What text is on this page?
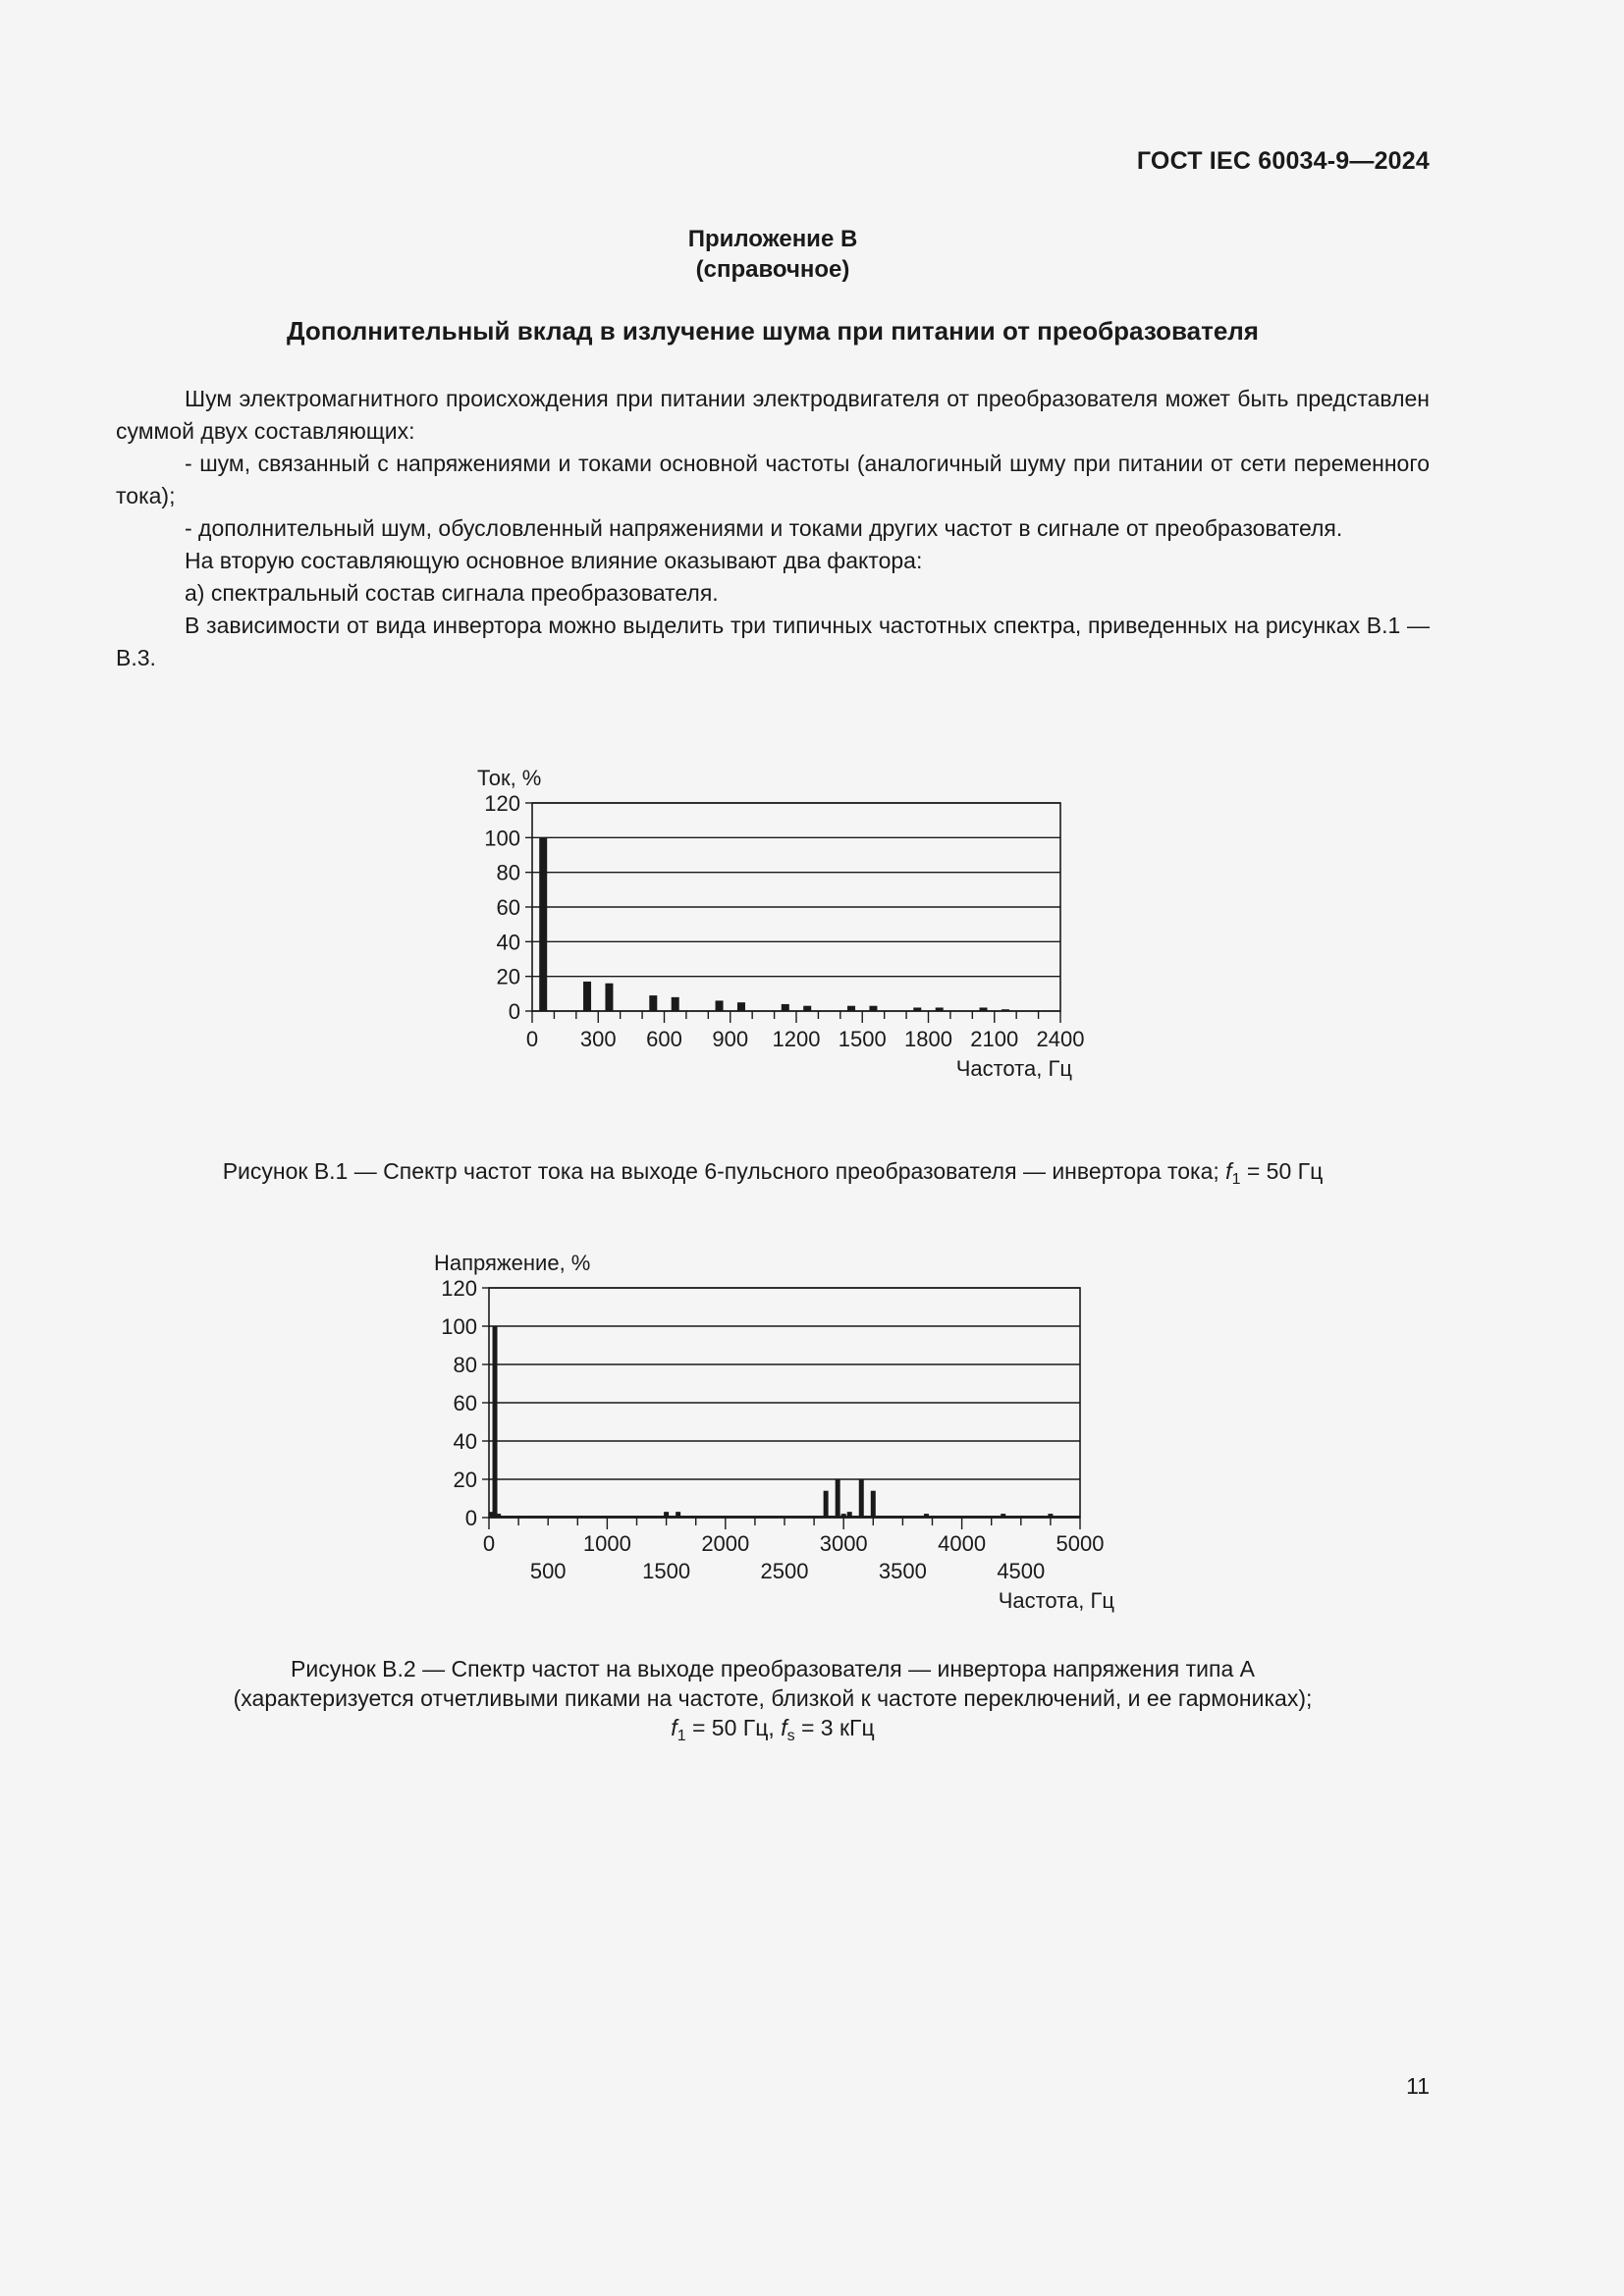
ГОСТ IEC 60034-9—2024
Приложение В
(справочное)
Дополнительный вклад в излучение шума при питании от преобразователя

Шум электромагнитного происхождения при питании электродвигателя от преобразователя может быть представлен суммой двух составляющих:

- шум, связанный с напряжениями и токами основной частоты (аналогичный шуму при питании от сети переменного тока);

- дополнительный шум, обусловленный напряжениями и токами других частот в сигнале от преобразователя.

На вторую составляющую основное влияние оказывают два фактора:

а) спектральный состав сигнала преобразователя.

В зависимости от вида инвертора можно выделить три типичных частотных спектра, приведенных на рисунках В.1 — В.3.

Ток, %
0
20
40
60
80
100
120
0 300 600 900 1200 1500 1800 2100 2400
Частота, Гц
Рисунок В.1 — Спектр частот тока на выходе 6-пульсного преобразователя — инвертора тока; $f_1 = 50$ Гц
Напряжение, %
0
20
40
60
80
100
120
0	1000	2000	3000	4000	5000
500	1500	2500	3500	4500
Частота, Гц
Рисунок В.2 — Спектр частот на выходе преобразователя — инвертора напряжения типа А
(характеризуется отчетливыми пиками на частоте, близкой к частоте переключений, и ее гармониках);
$f_1 = 50$ Гц, $f_s = 3$ кГц
11
